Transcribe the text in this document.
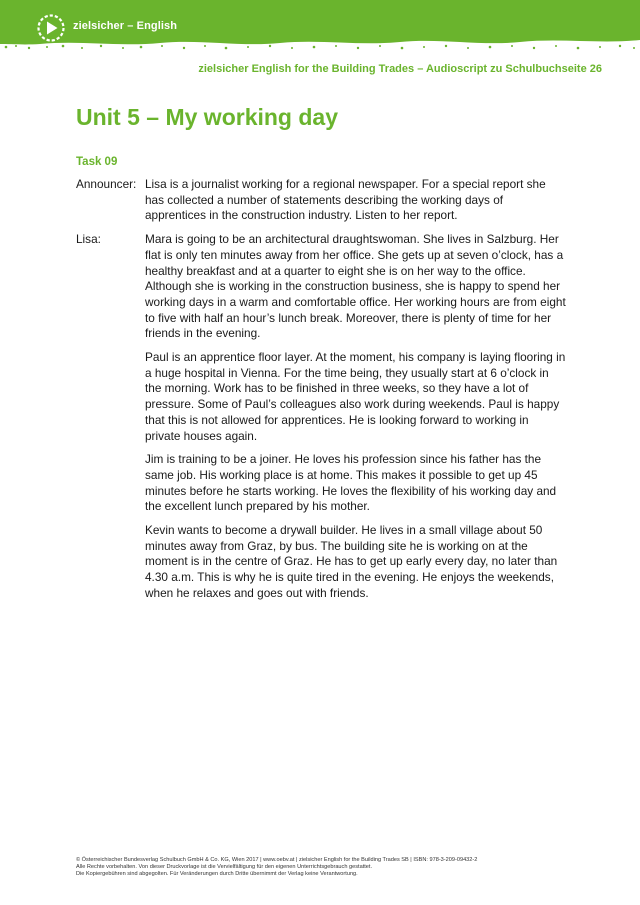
zielsicher – English
zielsicher English for the Building Trades – Audioscript zu Schulbuchseite 26
Unit 5 – My working day
Task 09
Announcer: Lisa is a journalist working for a regional newspaper. For a special report she has collected a number of statements describing the working days of apprentices in the construction industry. Listen to her report.

Lisa:	Mara is going to be an architectural draughtswoman. She lives in Salzburg. Her flat is only ten minutes away from her office. She gets up at seven o’clock, has a healthy breakfast and at a quarter to eight she is on her way to the office. Although she is working in the construction business, she is happy to spend her working days in a warm and comfortable office. Her working hours are from eight to five with half an hour’s lunch break. Moreover, there is plenty of time for her friends in the evening.

Paul is an apprentice floor layer. At the moment, his company is laying flooring in a huge hospital in Vienna. For the time being, they usually start at 6 o’clock in the morning. Work has to be finished in three weeks, so they have a lot of pressure. Some of Paul’s colleagues also work during weekends. Paul is happy that this is not allowed for apprentices. He is looking forward to working in private houses again.

Jim is training to be a joiner. He loves his profession since his father has the same job. His working place is at home. This makes it possible to get up 45 minutes before he starts working. He loves the flexibility of his working day and the excellent lunch prepared by his mother.

Kevin wants to become a drywall builder. He lives in a small village about 50 minutes away from Graz, by bus. The building site he is working on at the moment is in the centre of Graz. He has to get up early every day, no later than 4.30 a.m. This is why he is quite tired in the evening. He enjoys the weekends, when he relaxes and goes out with friends.

© Österreichischer Bundesverlag Schulbuch GmbH & Co. KG, Wien 2017 | www.oebv.at | zielsicher English for the Building Trades SB | ISBN: 978-3-209-09432-2
Alle Rechte vorbehalten. Von dieser Druckvorlage ist die Vervielfältigung für den eigenen Unterrichtsgebrauch gestattet.
Die Kopiergebühren sind abgegolten. Für Veränderungen durch Dritte übernimmt der Verlag keine Verantwortung.
